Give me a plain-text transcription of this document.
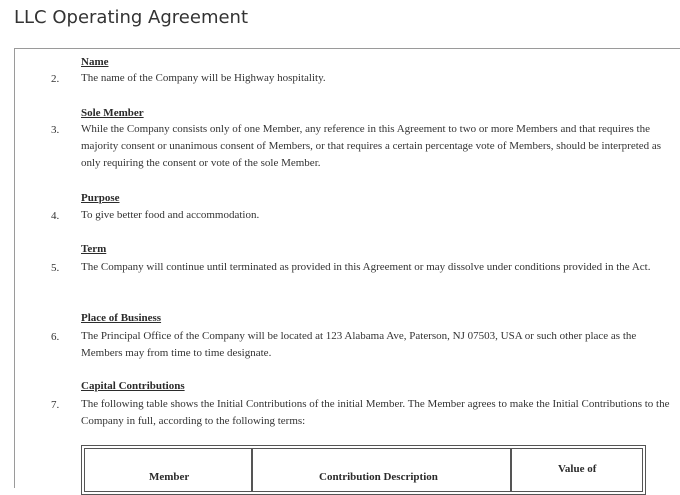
LLC Operating Agreement
Name
2. The name of the Company will be Highway hospitality.

Sole Member
3. While the Company consists only of one Member, any reference in this Agreement to two or more Members and that requires the majority consent or unanimous consent of Members, or that requires a certain percentage vote of Members, should be interpreted as only requiring the consent or vote of the sole Member.

Purpose
4. To give better food and accommodation.

Term
5. The Company will continue until terminated as provided in this Agreement or may dissolve under conditions provided in the Act.

Place of Business
6. The Principal Office of the Company will be located at 123 Alabama Ave, Paterson, NJ 07503, USA or such other place as the Members may from time to time designate.

Capital Contributions
7. The following table shows the Initial Contributions of the initial Member. The Member agrees to make the Initial Contributions to the Company in full, according to the following terms:

Member	Contribution Description
Value of
